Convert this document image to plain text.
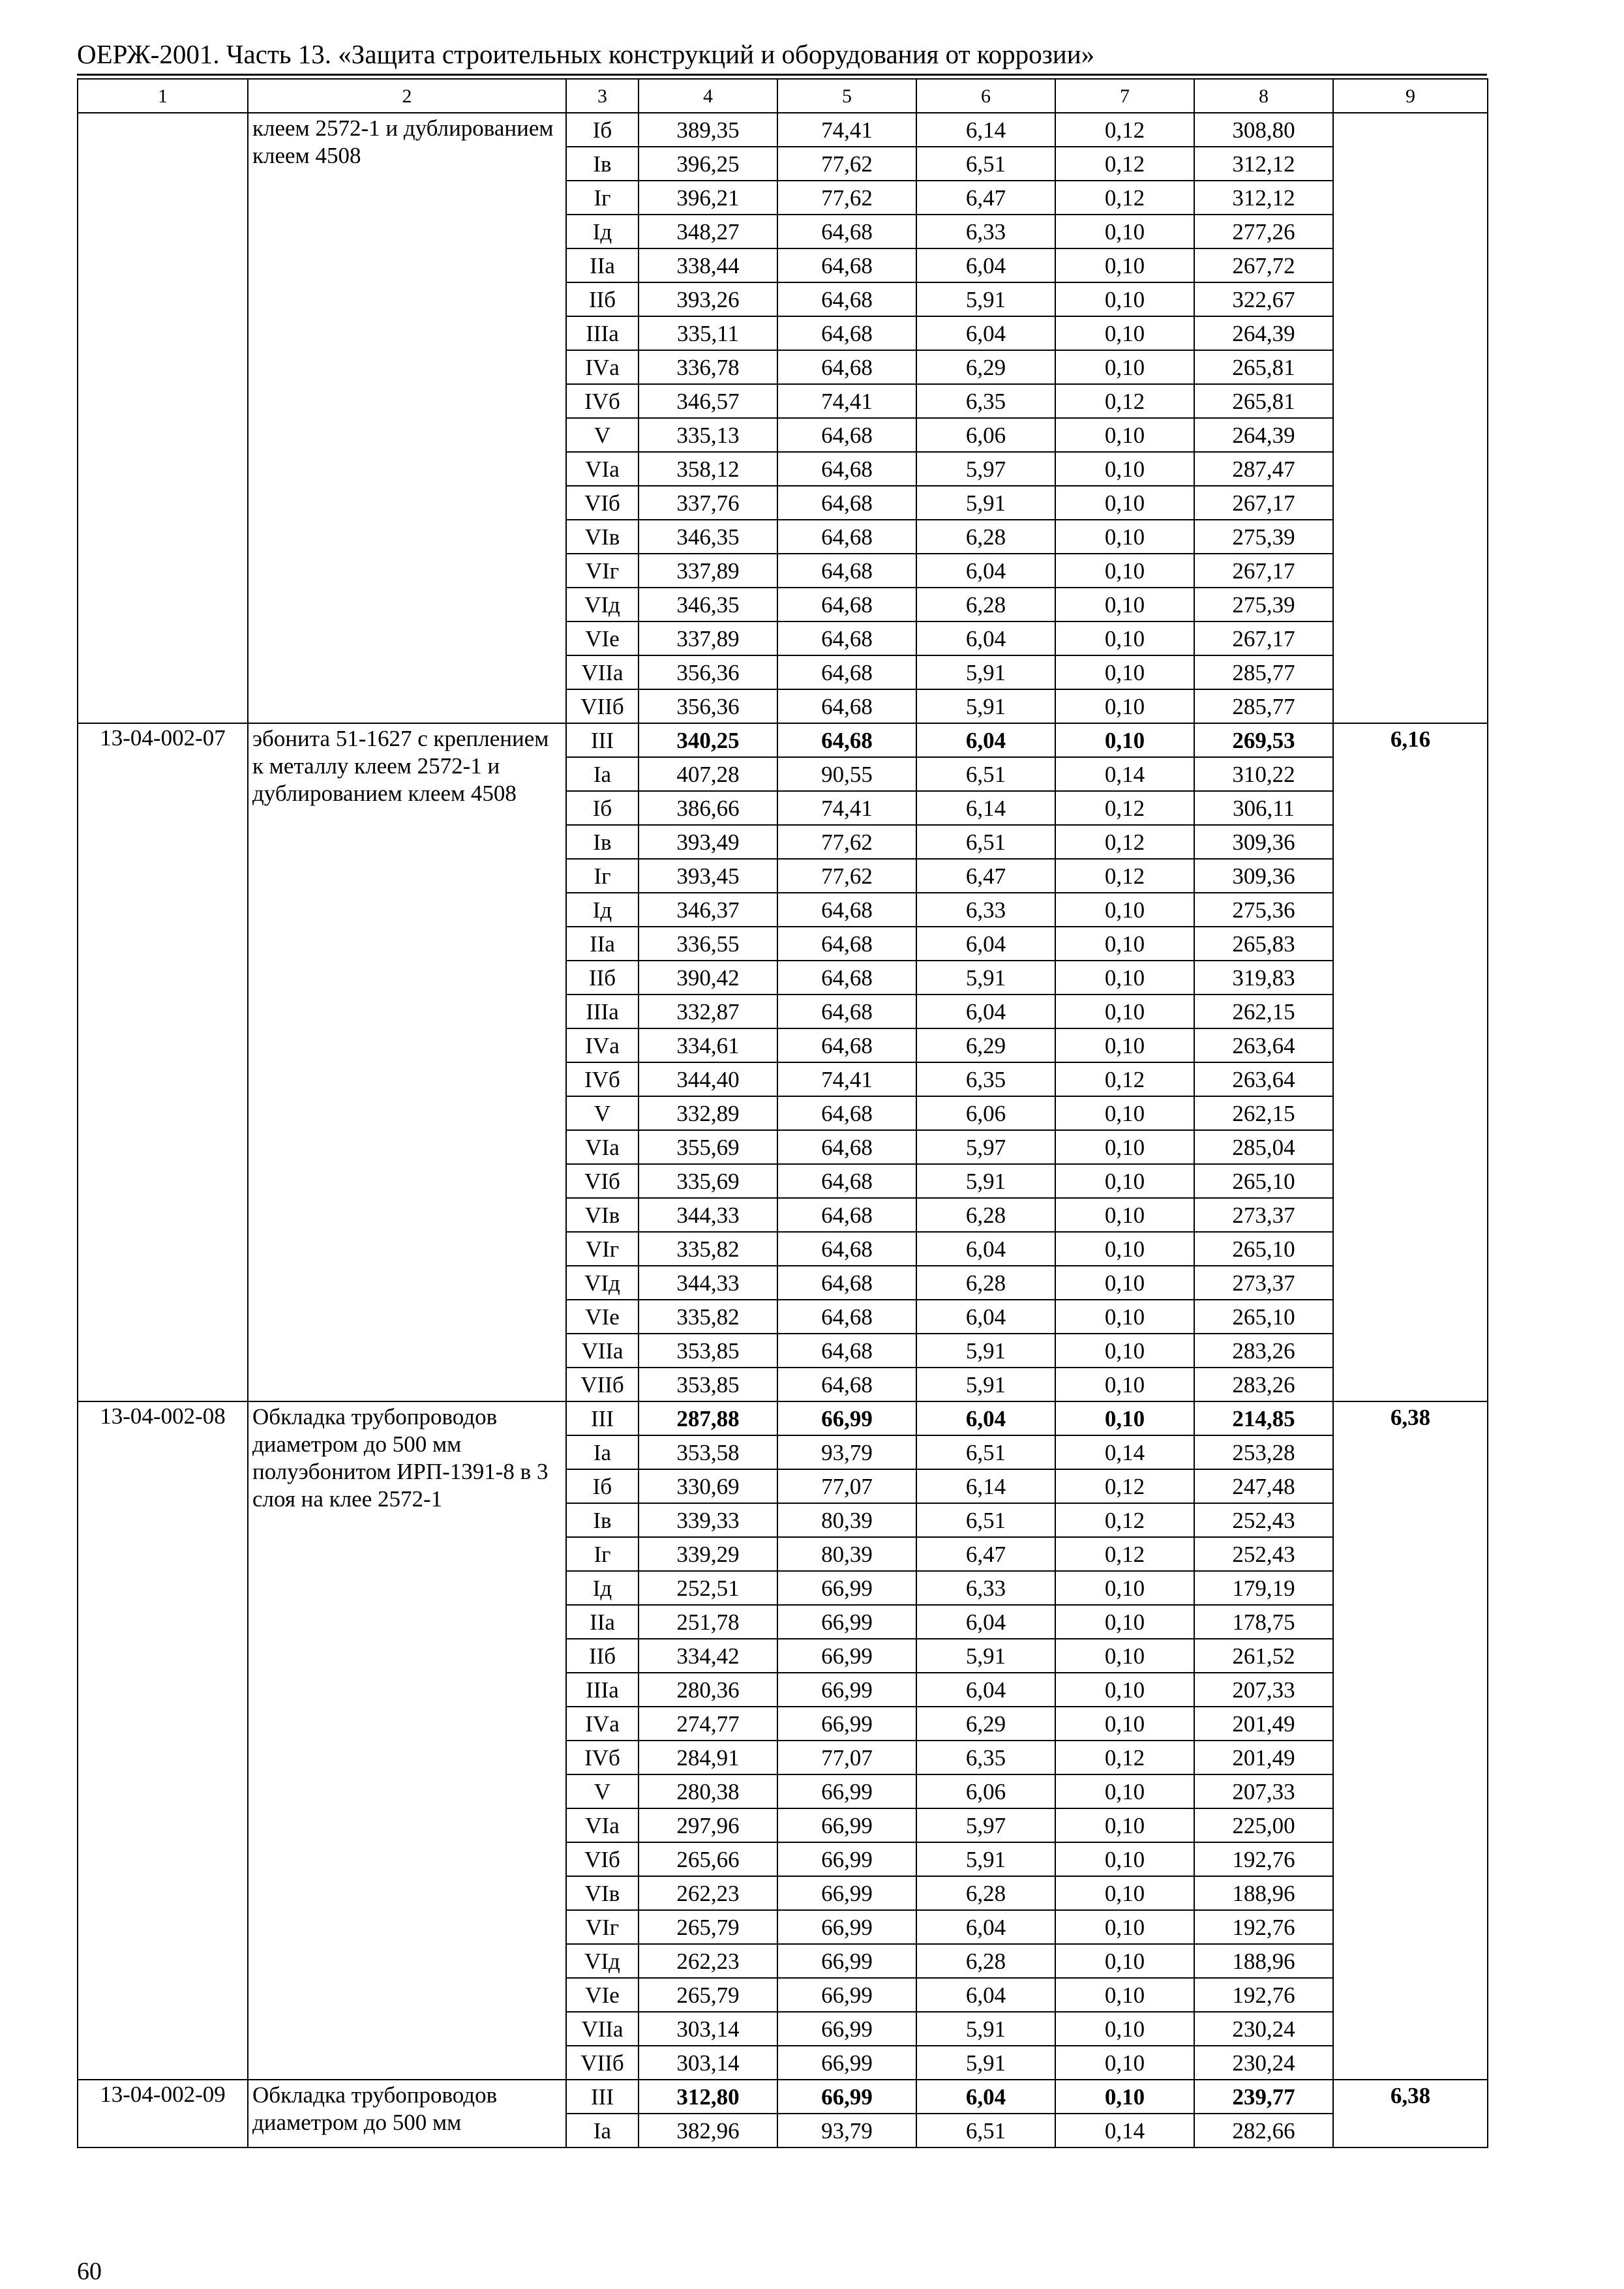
ОЕРЖ-2001. Часть 13. «Защита строительных конструкций и оборудования от коррозии»
1	2	3	4	5	6	7	8	9
	клеем 2572-1 и дублированием клеем 4508	Iб	389,35	74,41	6,14	0,12	308,80	
		Iв	396,25	77,62	6,51	0,12	312,12	
		Iг	396,21	77,62	6,47	0,12	312,12	
		Iд	348,27	64,68	6,33	0,10	277,26	
		IIа	338,44	64,68	6,04	0,10	267,72	
		IIб	393,26	64,68	5,91	0,10	322,67	
		IIIа	335,11	64,68	6,04	0,10	264,39	
		IVа	336,78	64,68	6,29	0,10	265,81	
		IVб	346,57	74,41	6,35	0,12	265,81	
		V	335,13	64,68	6,06	0,10	264,39	
		VIа	358,12	64,68	5,97	0,10	287,47	
		VIб	337,76	64,68	5,91	0,10	267,17	
		VIв	346,35	64,68	6,28	0,10	275,39	
		VIг	337,89	64,68	6,04	0,10	267,17	
		VIд	346,35	64,68	6,28	0,10	275,39	
		VIе	337,89	64,68	6,04	0,10	267,17	
		VIIа	356,36	64,68	5,91	0,10	285,77	
		VIIб	356,36	64,68	5,91	0,10	285,77	
13-04-002-07	эбонита 51-1627 с креплением к металлу клеем 2572-1 и дублированием клеем 4508	III	340,25	64,68	6,04	0,10	269,53	6,16
		Iа	407,28	90,55	6,51	0,14	310,22	
		Iб	386,66	74,41	6,14	0,12	306,11	
		Iв	393,49	77,62	6,51	0,12	309,36	
		Iг	393,45	77,62	6,47	0,12	309,36	
		Iд	346,37	64,68	6,33	0,10	275,36	
		IIа	336,55	64,68	6,04	0,10	265,83	
		IIб	390,42	64,68	5,91	0,10	319,83	
		IIIа	332,87	64,68	6,04	0,10	262,15	
		IVа	334,61	64,68	6,29	0,10	263,64	
		IVб	344,40	74,41	6,35	0,12	263,64	
		V	332,89	64,68	6,06	0,10	262,15	
		VIа	355,69	64,68	5,97	0,10	285,04	
		VIб	335,69	64,68	5,91	0,10	265,10	
		VIв	344,33	64,68	6,28	0,10	273,37	
		VIг	335,82	64,68	6,04	0,10	265,10	
		VIд	344,33	64,68	6,28	0,10	273,37	
		VIе	335,82	64,68	6,04	0,10	265,10	
		VIIа	353,85	64,68	5,91	0,10	283,26	
		VIIб	353,85	64,68	5,91	0,10	283,26	
13-04-002-08	Обкладка трубопроводов диаметром до 500 мм полуэбонитом ИРП-1391-8 в 3 слоя на клее 2572-1	III	287,88	66,99	6,04	0,10	214,85	6,38
		Iа	353,58	93,79	6,51	0,14	253,28	
		Iб	330,69	77,07	6,14	0,12	247,48	
		Iв	339,33	80,39	6,51	0,12	252,43	
		Iг	339,29	80,39	6,47	0,12	252,43	
		Iд	252,51	66,99	6,33	0,10	179,19	
		IIа	251,78	66,99	6,04	0,10	178,75	
		IIб	334,42	66,99	5,91	0,10	261,52	
		IIIа	280,36	66,99	6,04	0,10	207,33	
		IVа	274,77	66,99	6,29	0,10	201,49	
		IVб	284,91	77,07	6,35	0,12	201,49	
		V	280,38	66,99	6,06	0,10	207,33	
		VIа	297,96	66,99	5,97	0,10	225,00	
		VIб	265,66	66,99	5,91	0,10	192,76	
		VIв	262,23	66,99	6,28	0,10	188,96	
		VIг	265,79	66,99	6,04	0,10	192,76	
		VIд	262,23	66,99	6,28	0,10	188,96	
		VIе	265,79	66,99	6,04	0,10	192,76	
		VIIа	303,14	66,99	5,91	0,10	230,24	
		VIIб	303,14	66,99	5,91	0,10	230,24	
13-04-002-09	Обкладка трубопроводов диаметром до 500 мм	III	312,80	66,99	6,04	0,10	239,77	6,38
		Iа	382,96	93,79	6,51	0,14	282,66	
60
